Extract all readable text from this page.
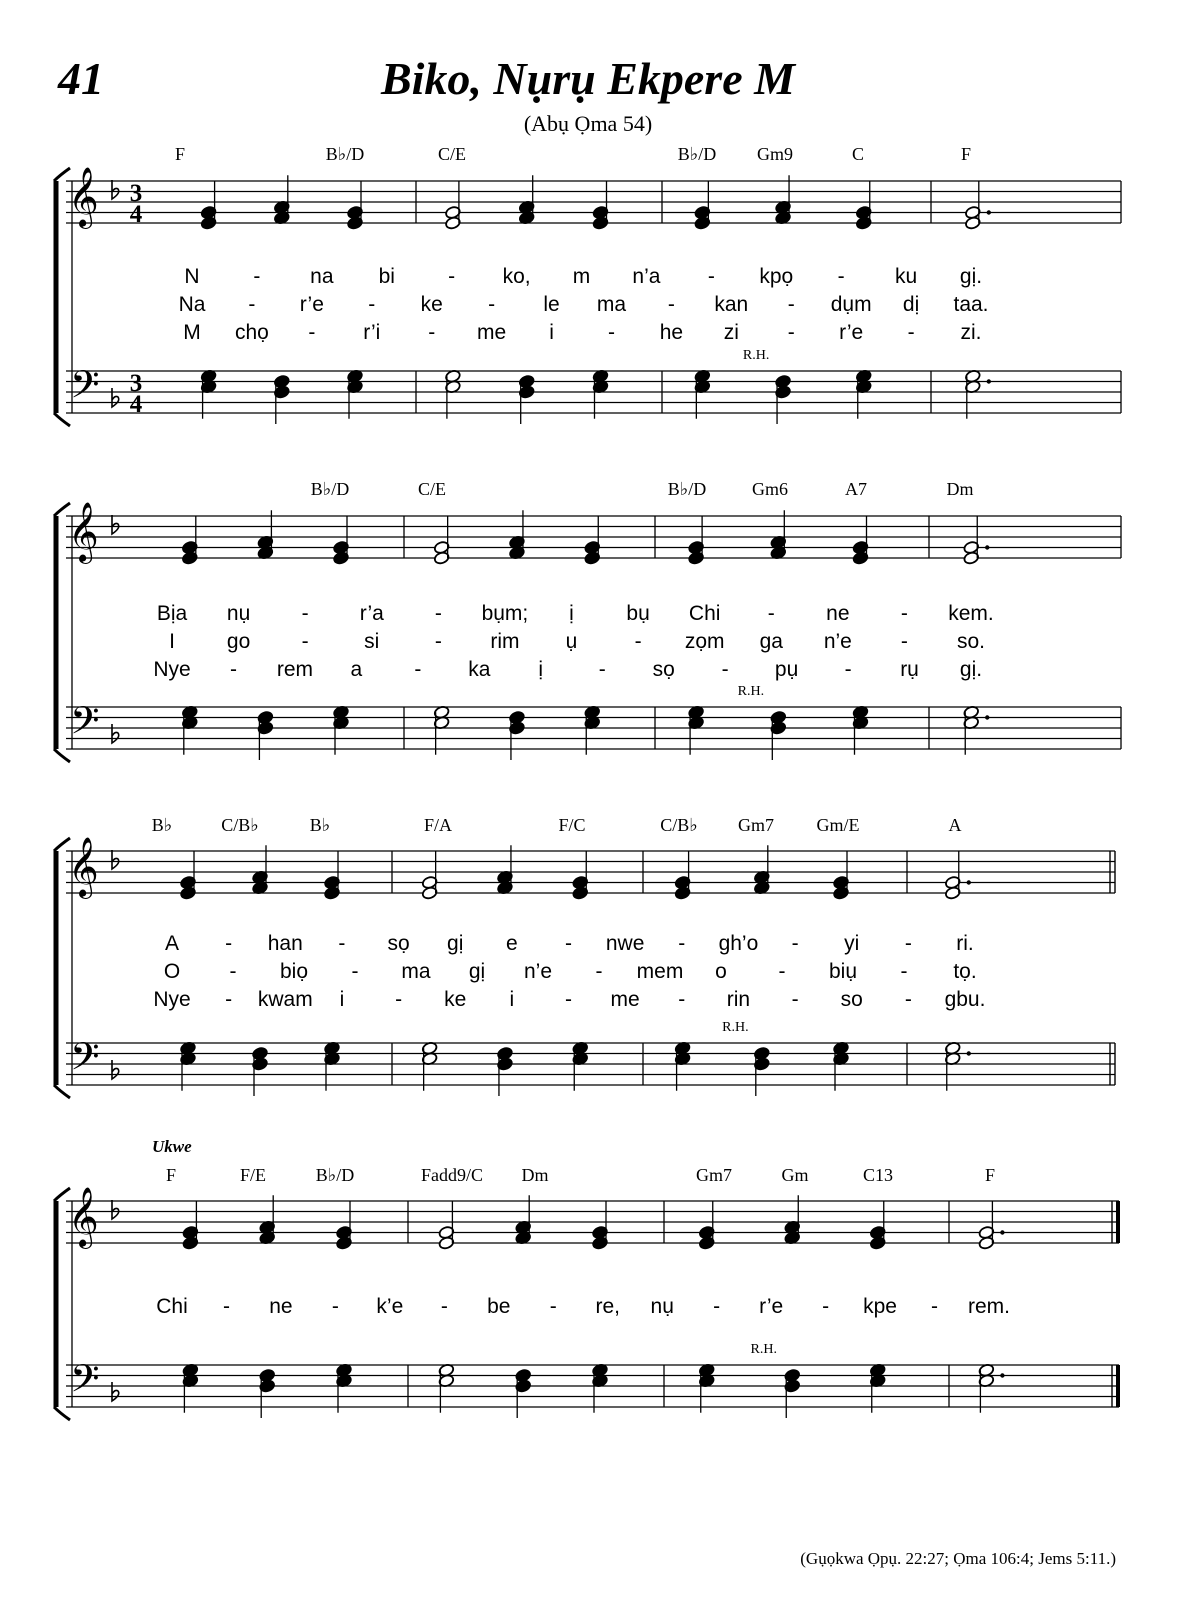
41	Biko, Nụrụ Ekpere M
(Abụ Ọma 54)
𝄞
𝄢
3
4
3
4
F	B♭/D	C/E	B♭/D Gm9	C	F
R.H.
N	- na bi	- ko, m n’a - kpọ - ku gị.
Na - r’e - ke - le ma - kan - dụm dị taa.
M chọ - r’i - me i	- he zi - r’e - zi.
𝄞
𝄢
B♭/D	C/E	B♭/D	Gm6	A7	Dm
R.H.
Bịa nụ - r’a - bụm; ị	bụ Chi - ne - kem.
I go -	si	- rim ụ	- zọm ga n’e - so.
Nye - rem a - ka ị	- sọ - pụ - rụ gị.
𝄞
𝄢
B♭	C/B♭	B♭	F/A	F/C	C/B♭ Gm7 Gm/E	A
R.H.
A - han - sọ gị e - nwe - gh’o - yi - ri.
O - biọ - ma gị n’e - mem o - biụ - tọ.
Nye - kwam i - ke i - me - rin - so - gbu.
𝄞
𝄢
F	F/E	B♭/D	Fadd9/C Dm	Gm7	Gm	C13	F
Ukwe
R.H.
Chi - ne - k’e - be - re, nụ - r’e - kpe - rem.
(Gụọkwa Ọpụ. 22:27; Ọma 106:4; Jems 5:11.)
